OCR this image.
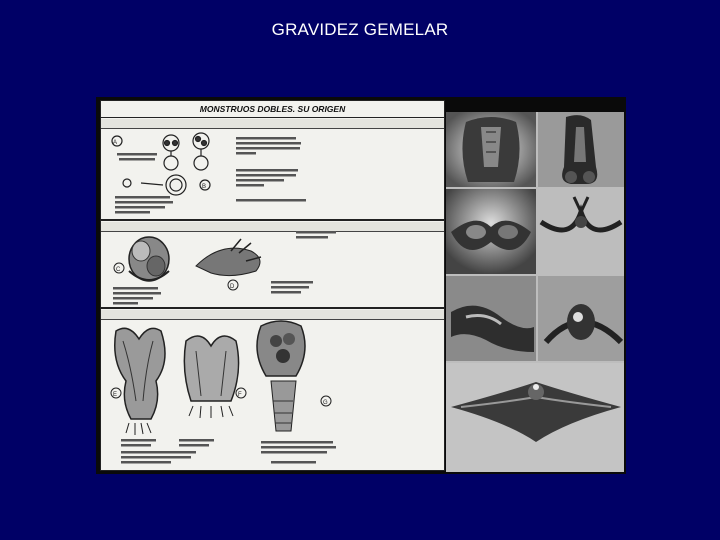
GRAVIDEZ GEMELAR
MONSTRUOS DOBLES. SU ORIGEN
A
B
C
D
E	F
G
